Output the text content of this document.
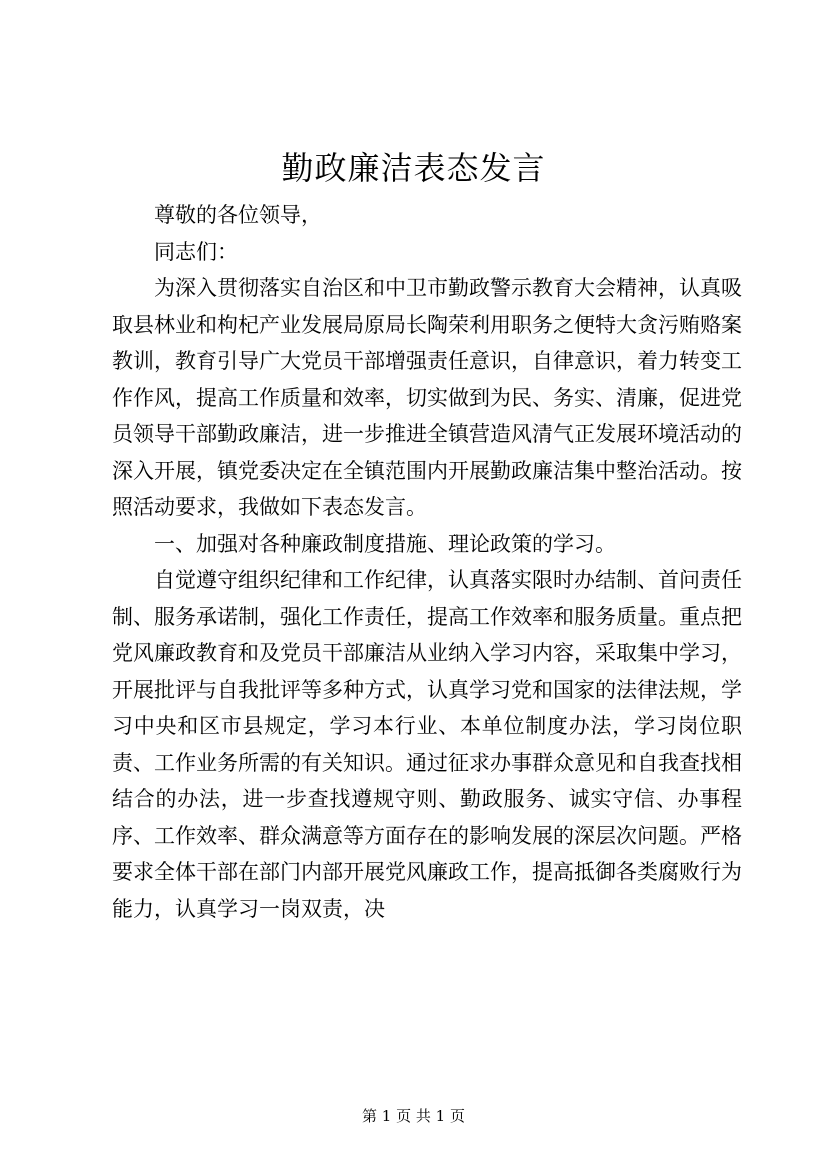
勤政廉洁表态发言

尊敬的各位领导，

同志们：

为深入贯彻落实自治区和中卫市勤政警示教育大会精神，认真吸取县林业和枸杞产业发展局原局长陶荣利用职务之便特大贪污贿赂案教训，教育引导广大党员干部增强责任意识，自律意识，着力转变工作作风，提高工作质量和效率，切实做到为民、务实、清廉，促进党员领导干部勤政廉洁，进一步推进全镇营造风清气正发展环境活动的深入开展，镇党委决定在全镇范围内开展勤政廉洁集中整治活动。按照活动要求，我做如下表态发言。

一、加强对各种廉政制度措施、理论政策的学习。

自觉遵守组织纪律和工作纪律，认真落实限时办结制、首问责任制、服务承诺制，强化工作责任，提高工作效率和服务质量。重点把党风廉政教育和及党员干部廉洁从业纳入学习内容，采取集中学习，开展批评与自我批评等多种方式，认真学习党和国家的法律法规，学习中央和区市县规定，学习本行业、本单位制度办法，学习岗位职责、工作业务所需的有关知识。通过征求办事群众意见和自我查找相结合的办法，进一步查找遵规守则、勤政服务、诚实守信、办事程序、工作效率、群众满意等方面存在的影响发展的深层次问题。严格要求全体干部在部门内部开展党风廉政工作，提高抵御各类腐败行为能力，认真学习一岗双责，决

第 1 页 共 1 页
